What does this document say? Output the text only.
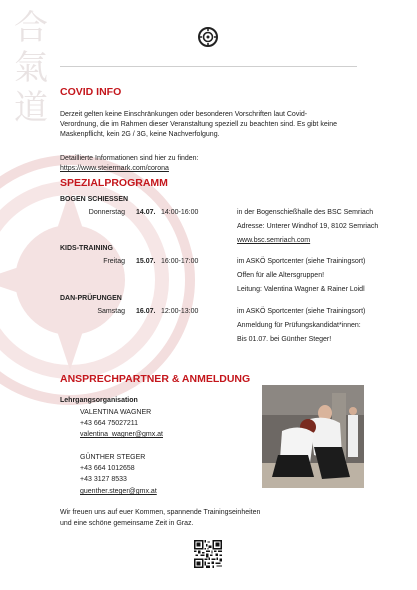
合
氣
道	COVID INFO
Derzeit gelten keine Einschränkungen oder besonderen Vorschriften laut Covid-
Verordnung, die im Rahmen dieser Veranstaltung speziell zu beachten sind. Es gibt keine
Maskenpflicht, kein 2G / 3G, keine Nachverfolgung.
Detaillierte Informationen sind hier zu finden:
https://www.steiermark.com/corona
SPEZIALPROGRAMM
BOGEN SCHIESSEN
Donnerstag 14.07. 14:00-16:00	in der Bogenschießhalle des BSC Semriach
Adresse: Unterer Windhof 19, 8102 Semriach
www.bsc.semriach.com
KIDS-TRAINING
Freitag 15.07. 16:00-17:00	im ASKÖ Sportcenter (siehe Trainingsort)
Offen für alle Altersgruppen!
Leitung: Valentina Wagner & Rainer Loidl
DAN-PRÜFUNGEN
Samstag 16.07. 12:00-13:00	im ASKÖ Sportcenter (siehe Trainingsort)
Anmeldung für Prüfungskandidat*innen:
Bis 01.07. bei Günther Steger!
ANSPRECHPARTNER & ANMELDUNG
Lehrgangsorganisation
VALENTINA WAGNER
+43 664 75027211
valentina_wagner@gmx.at
GÜNTHER STEGER
+43 664 1012658
+43 3127 8533
guenther.steger@gmx.at
Wir freuen uns auf euer Kommen, spannende Trainingseinheiten
und eine schöne gemeinsame Zeit in Graz.
